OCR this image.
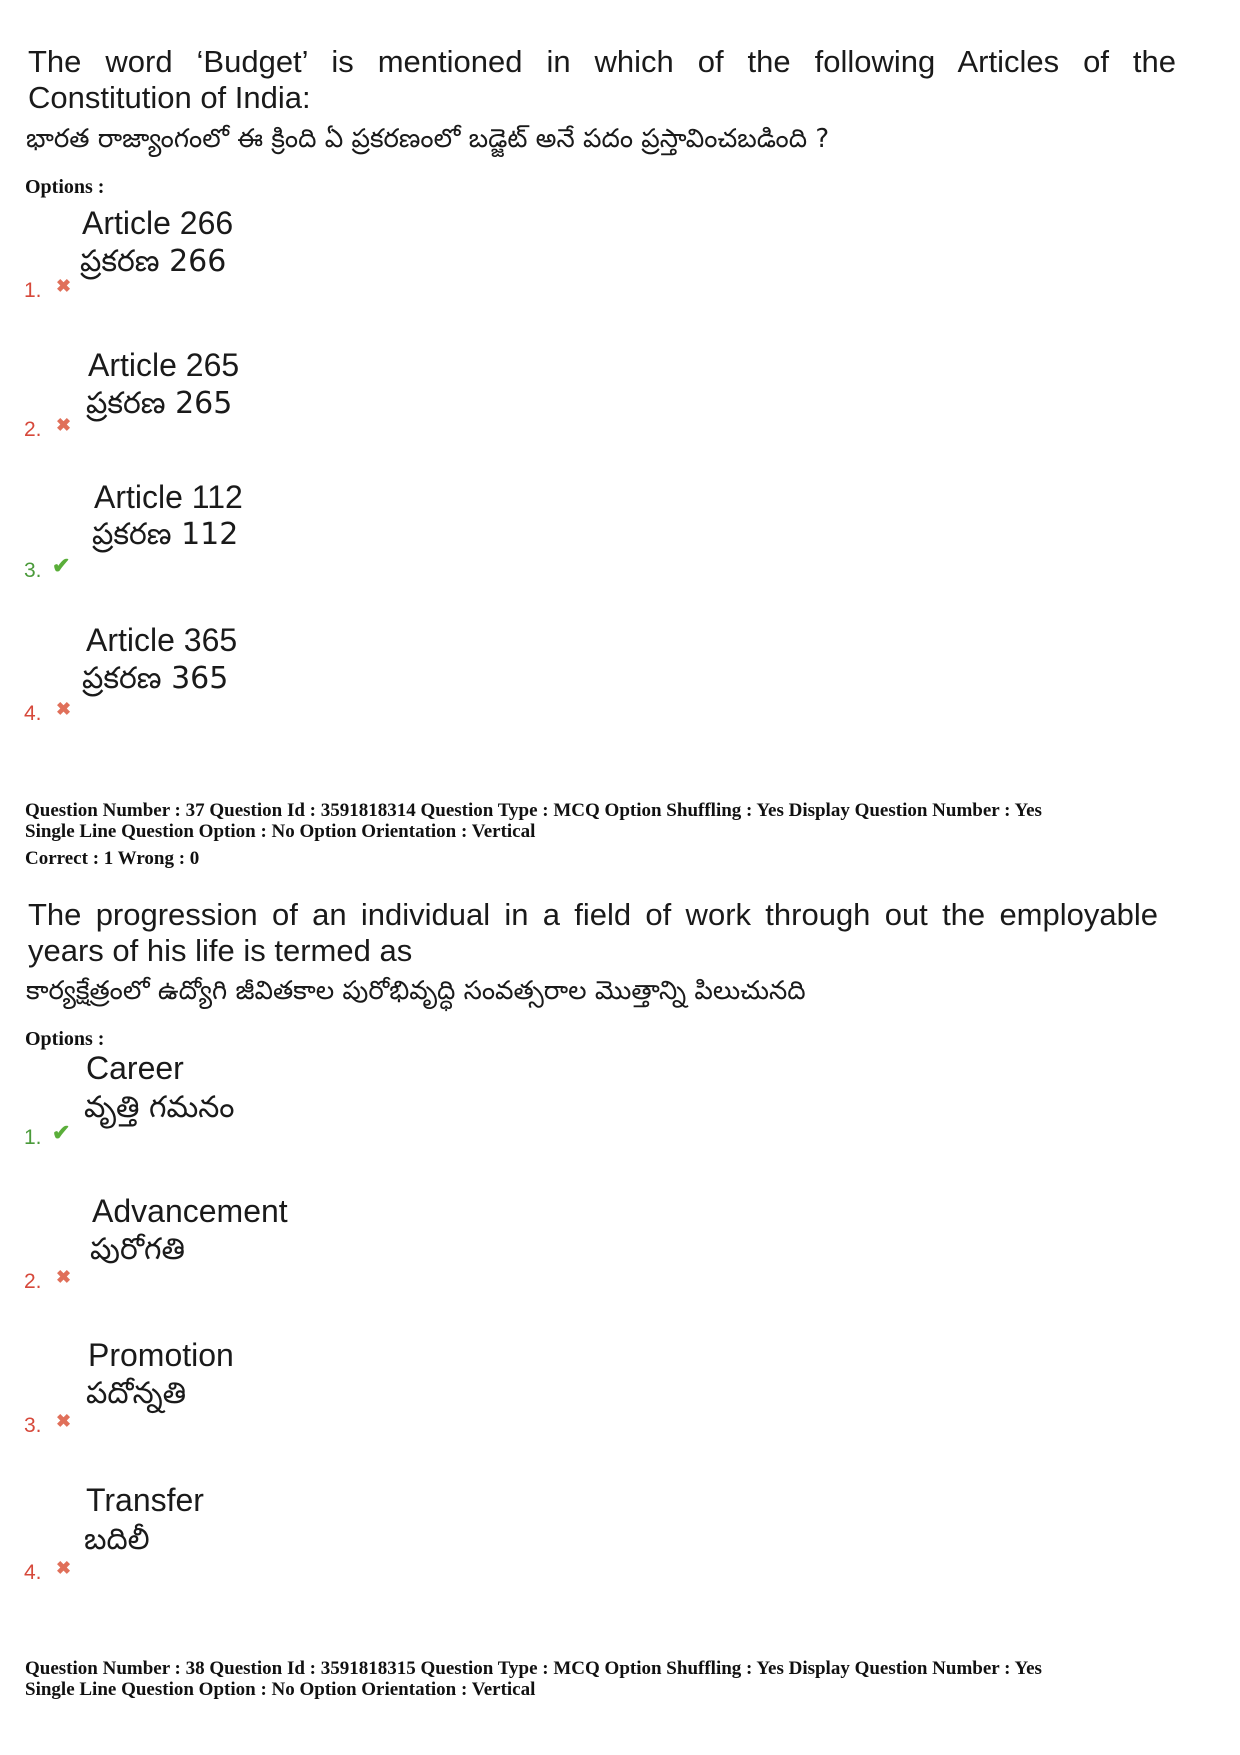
The word ‘Budget’ is mentioned in which of the following Articles of the
Constitution of India:
భారత రాజ్యాంగంలో ఈ క్రింది ఏ ప్రకరణంలో బడ్జెట్ అనే పదం ప్రస్తావించబడింది ?
Options :
Article 266
ప్రకరణ 266
1. ✖
Article 265
ప్రకరణ 265
2. ✖
Article 112
ప్రకరణ 112
3. ✔
Article 365
ప్రకరణ 365
4. ✖
Question Number : 37 Question Id : 3591818314 Question Type : MCQ Option Shuffling : Yes Display Question Number : Yes
Single Line Question Option : No Option Orientation : Vertical
Correct : 1 Wrong : 0
The progression of an individual in a field of work through out the employable
years of his life is termed as
కార్యక్షేత్రంలో ఉద్యోగి జీవితకాల పురోభివృద్ధి సంవత్సరాల మొత్తాన్ని పిలుచునది
Options :
Career
వృత్తి గమనం
1. ✔
Advancement
పురోగతి
2. ✖
Promotion
పదోన్నతి
3. ✖
Transfer
బదిలీ
4. ✖
Question Number : 38 Question Id : 3591818315 Question Type : MCQ Option Shuffling : Yes Display Question Number : Yes
Single Line Question Option : No Option Orientation : Vertical
